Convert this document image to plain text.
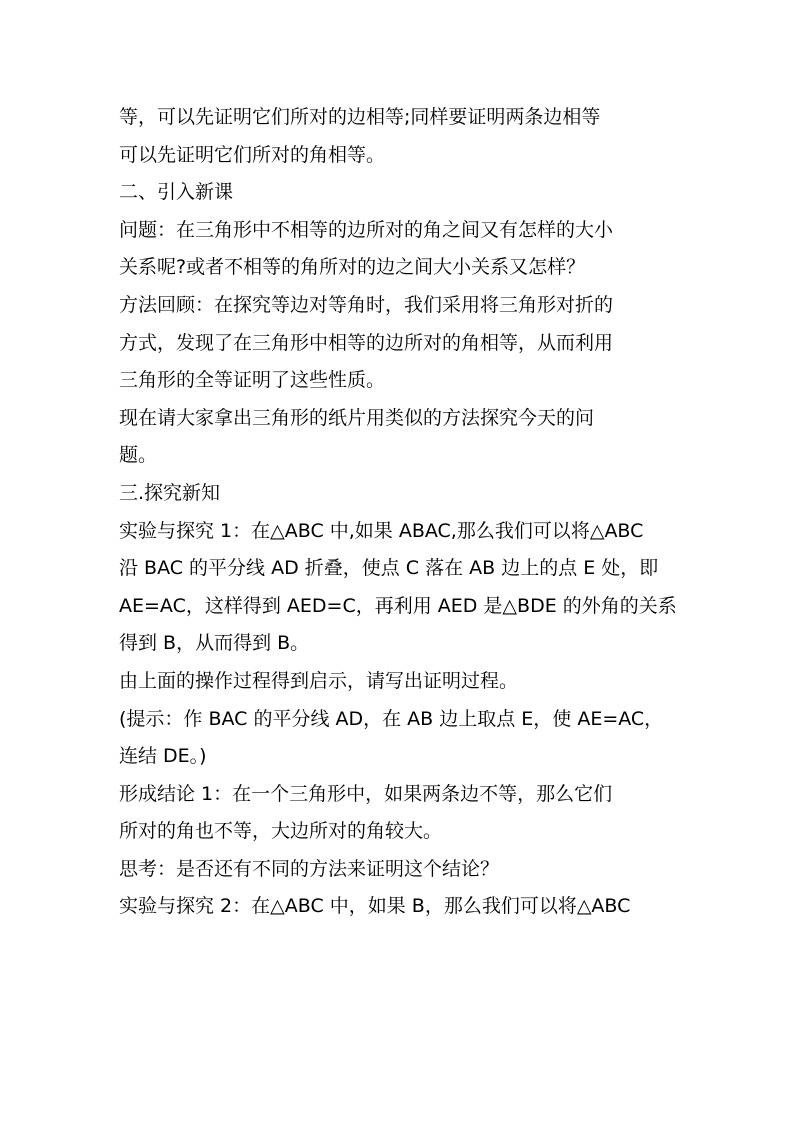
等，可以先证明它们所对的边相等;同样要证明两条边相等

可以先证明它们所对的角相等。

二、引入新课

问题：在三角形中不相等的边所对的角之间又有怎样的大小

关系呢?或者不相等的角所对的边之间大小关系又怎样？

方法回顾：在探究等边对等角时，我们采用将三角形对折的

方式，发现了在三角形中相等的边所对的角相等，从而利用

三角形的全等证明了这些性质。

现在请大家拿出三角形的纸片用类似的方法探究今天的问

题。

三.探究新知

实验与探究 1：在△ABC 中,如果 ABAC,那么我们可以将△ABC

沿 BAC 的平分线 AD 折叠，使点 C 落在 AB 边上的点 E 处，即

AE=AC，这样得到 AED=C，再利用 AED 是△BDE 的外角的关系

得到 B，从而得到 B。

由上面的操作过程得到启示，请写出证明过程。

(提示：作 BAC 的平分线 AD，在 AB 边上取点 E，使 AE=AC，

连结 DE。)

形成结论 1：在一个三角形中，如果两条边不等，那么它们

所对的角也不等，大边所对的角较大。

思考：是否还有不同的方法来证明这个结论？

实验与探究 2：在△ABC 中，如果 B，那么我们可以将△ABC
